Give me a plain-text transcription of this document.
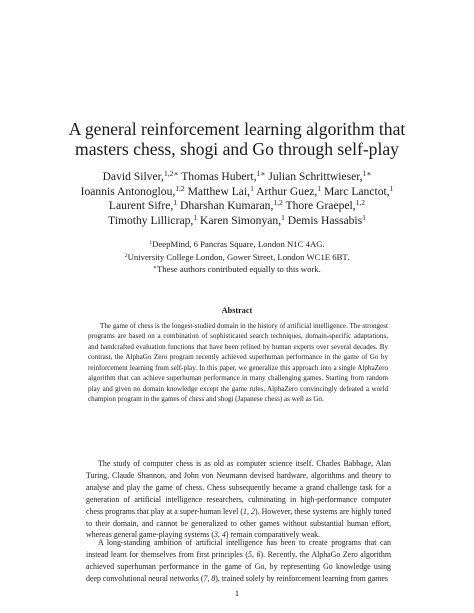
A general reinforcement learning algorithm that
masters chess, shogi and Go through self-play
David Silver,$^{1,2∗}$ Thomas Hubert,$^{1∗}$ Julian Schrittwieser,$^{1∗}$
Ioannis Antonoglou,$^{1,2}$ Matthew Lai,$^1$ Arthur Guez,$^1$ Marc Lanctot,$^1$
Laurent Sifre,$^1$ Dharshan Kumaran,$^{1,2}$ Thore Graepel,$^{1,2}$
Timothy Lillicrap,$^1$ Karen Simonyan,$^1$ Demis Hassabis$^1$
$^1$DeepMind, 6 Pancras Square, London N1C 4AG.
$^2$University College London, Gower Street, London WC1E 6BT.
∗These authors contributed equally to this work.
Abstract
The game of chess is the longest-studied domain in the history of artificial intelligence. The strongest programs are based on a combination of sophisticated search techniques, domain-specific adaptations, and handcrafted evaluation functions that have been refined by human experts over several decades. By contrast, the AlphaGo Zero program recently achieved superhuman performance in the game of Go by reinforcement learning from self-play. In this paper, we generalize this approach into a single AlphaZero algorithm that can achieve superhuman performance in many challenging games. Starting from random play and given no domain knowledge except the game rules, AlphaZero convincingly defeated a world champion program in the games of chess and shogi (Japanese chess) as well as Go.

The study of computer chess is as old as computer science itself. Charles Babbage, Alan Turing, Claude Shannon, and John von Neumann devised hardware, algorithms and theory to analyse and play the game of chess. Chess subsequently became a grand challenge task for a generation of artificial intelligence researchers, culminating in high-performance computer chess programs that play at a super-human level (1, 2). However, these systems are highly tuned to their domain, and cannot be generalized to other games without substantial human effort, whereas general game-playing systems (3, 4) remain comparatively weak.

A long-standing ambition of artificial intelligence has been to create programs that can instead learn for themselves from first principles (5, 6). Recently, the AlphaGo Zero algorithm achieved superhuman performance in the game of Go, by representing Go knowledge using deep convolutional neural networks (7, 8), trained solely by reinforcement learning from games

1
